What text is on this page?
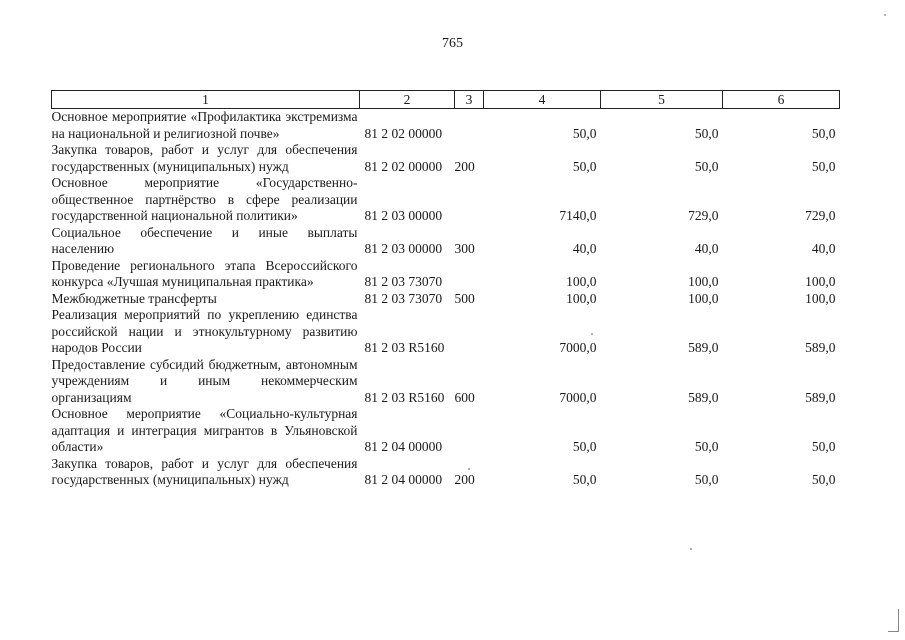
765
1	2	3	4	5	6
Основное мероприятие «Профилактика экстремизма на национальной и религиозной почве»	81 2 02 00000		50,0	50,0	50,0
Закупка товаров, работ и услуг для обеспечения государственных (муниципальных) нужд	81 2 02 00000	200	50,0	50,0	50,0
Основное мероприятие «Государственно-общественное партнёрство в сфере реализации государственной национальной политики»	81 2 03 00000		7140,0	729,0	729,0
Социальное обеспечение и иные выплаты населению	81 2 03 00000	300	40,0	40,0	40,0
Проведение регионального этапа Всероссийского конкурса «Лучшая муниципальная практика»	81 2 03 73070		100,0	100,0	100,0
Межбюджетные трансферты	81 2 03 73070	500	100,0	100,0	100,0
Реализация мероприятий по укреплению единства российской нации и этнокультурному развитию народов России	81 2 03 R5160		7000,0	589,0	589,0
Предоставление субсидий бюджетным, автономным учреждениям и иным некоммерческим организациям	81 2 03 R5160	600	7000,0	589,0	589,0
Основное мероприятие «Социально-культурная адаптация и интеграция мигрантов в Ульяновской области»	81 2 04 00000		50,0	50,0	50,0
Закупка товаров, работ и услуг для обеспечения государственных (муниципальных) нужд	81 2 04 00000	200	50,0	50,0	50,0
